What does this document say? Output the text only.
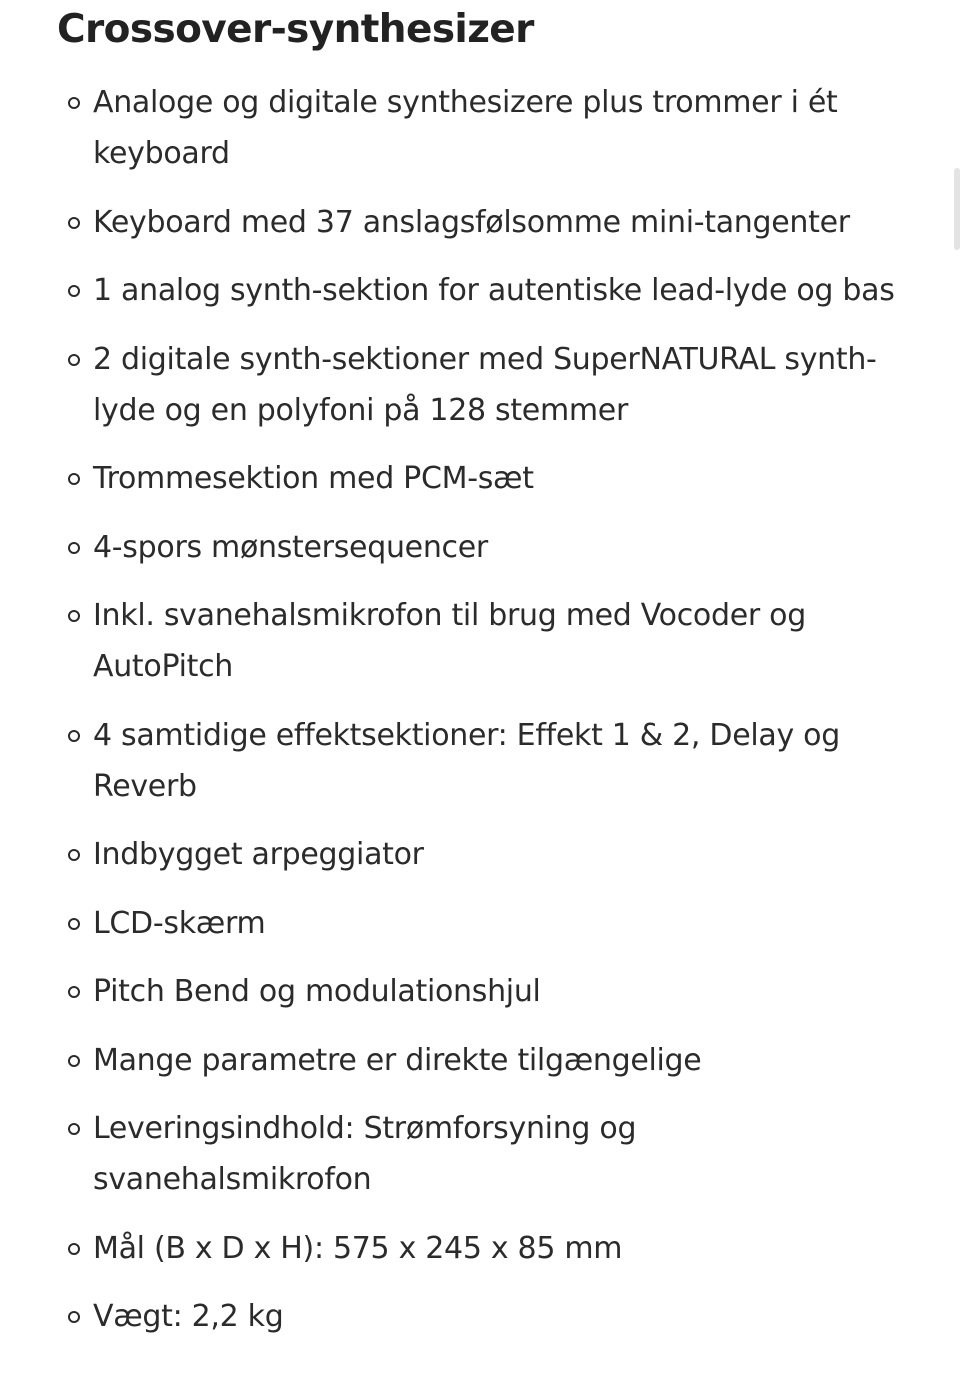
Crossover-synthesizer
Analoge og digitale synthesizere plus trommer i ét keyboard
Keyboard med 37 anslagsfølsomme mini-tangenter
1 analog synth-sektion for autentiske lead-lyde og bas
2 digitale synth-sektioner med SuperNATURAL synth-lyde og en polyfoni på 128 stemmer
Trommesektion med PCM-sæt
4-spors mønstersequencer
Inkl. svanehalsmikrofon til brug med Vocoder og AutoPitch
4 samtidige effektsektioner: Effekt 1 & 2, Delay og Reverb
Indbygget arpeggiator
LCD-skærm
Pitch Bend og modulationshjul
Mange parametre er direkte tilgængelige
Leveringsindhold: Strømforsyning og svanehalsmikrofon
Mål (B x D x H): 575 x 245 x 85 mm
Vægt: 2,2 kg
